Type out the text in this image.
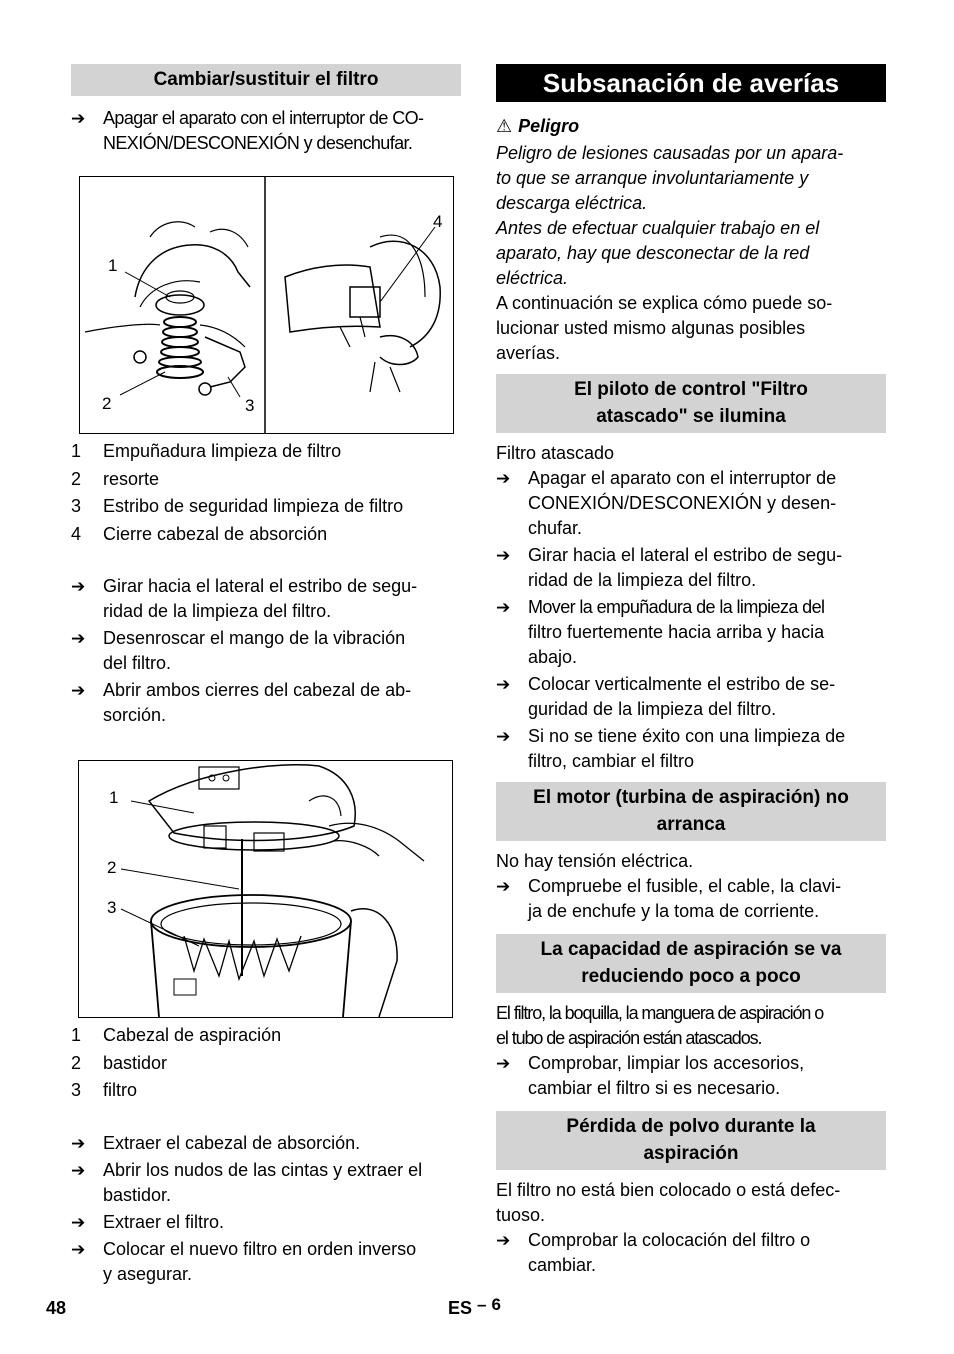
Cambiar/sustituir el filtro
➔ Apagar el aparato con el interruptor de CO-
NEXIÓN/DESCONEXIÓN y desenchufar.
1
2	3
4
1 Empuñadura limpieza de filtro
2 resorte
3 Estribo de seguridad limpieza de filtro
4 Cierre cabezal de absorción
➔ Girar hacia el lateral el estribo de segu-
ridad de la limpieza del filtro.
➔ Desenroscar el mango de la vibración
del filtro.
➔ Abrir ambos cierres del cabezal de ab-
sorción.
1
2
3
1 Cabezal de aspiración
2 bastidor
3 filtro
➔ Extraer el cabezal de absorción.
➔ Abrir los nudos de las cintas y extraer el
bastidor.
➔ Extraer el filtro.
➔ Colocar el nuevo filtro en orden inverso
y asegurar.
Subsanación de averías
⚠ Peligro
Peligro de lesiones causadas por un apara-
to que se arranque involuntariamente y
descarga eléctrica.
Antes de efectuar cualquier trabajo en el
aparato, hay que desconectar de la red
eléctrica.
A continuación se explica cómo puede so-
lucionar usted mismo algunas posibles
averías.
El piloto de control "Filtro
atascado" se ilumina
Filtro atascado
➔ Apagar el aparato con el interruptor de
CONEXIÓN/DESCONEXIÓN y desen-
chufar.
➔ Girar hacia el lateral el estribo de segu-
ridad de la limpieza del filtro.
➔ Mover la empuñadura de la limpieza del
filtro fuertemente hacia arriba y hacia
abajo.
➔ Colocar verticalmente el estribo de se-
guridad de la limpieza del filtro.
➔ Si no se tiene éxito con una limpieza de
filtro, cambiar el filtro
El motor (turbina de aspiración) no
arranca
No hay tensión eléctrica.
➔ Compruebe el fusible, el cable, la clavi-
ja de enchufe y la toma de corriente.
La capacidad de aspiración se va
reduciendo poco a poco
El filtro, la boquilla, la manguera de aspiración o
el tubo de aspiración están atascados.
➔ Comprobar, limpiar los accesorios,
cambiar el filtro si es necesario.
Pérdida de polvo durante la
aspiración
El filtro no está bien colocado o está defec-
tuoso.
➔ Comprobar la colocación del filtro o
cambiar.
48	ES – 6
